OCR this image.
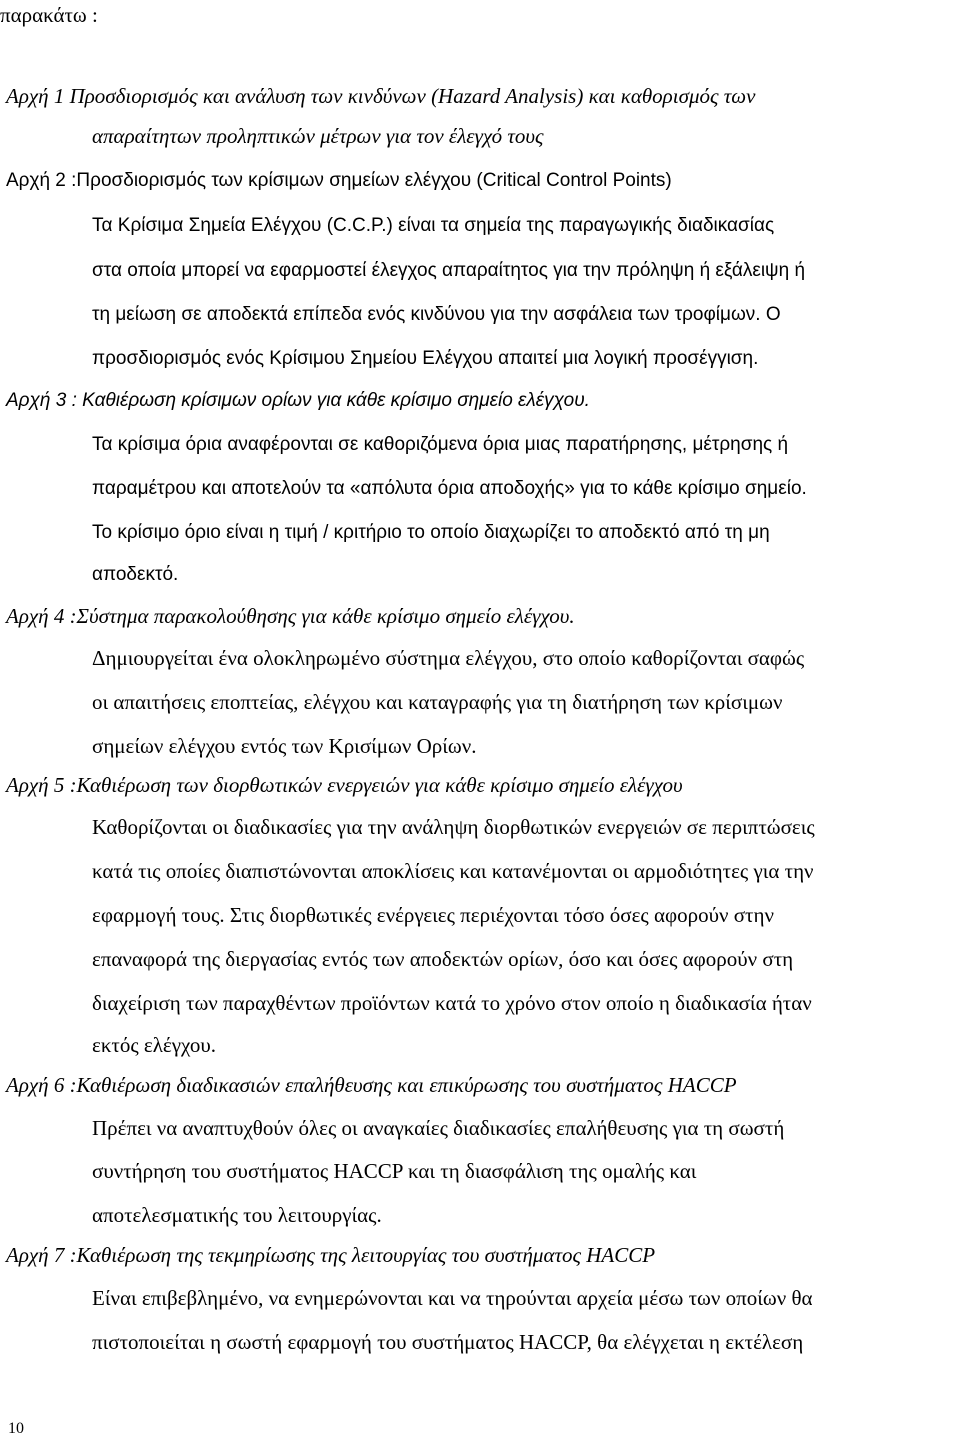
παρακάτω :
Αρχή 1 Προσδιορισμός και ανάλυση των κινδύνων (Hazard Analysis) και καθορισμός των
απαραίτητων προληπτικών μέτρων για τον έλεγχό τους
Αρχή 2 :Προσδιορισμός των κρίσιμων σημείων ελέγχου (Critical Control Points)
Τα Κρίσιμα Σημεία Ελέγχου (C.C.P.) είναι τα σημεία της παραγωγικής διαδικασίας
στα οποία μπορεί να εφαρμοστεί έλεγχος απαραίτητος για την πρόληψη ή εξάλειψη ή
τη μείωση σε αποδεκτά επίπεδα ενός κινδύνου για την ασφάλεια των τροφίμων. Ο
προσδιορισμός ενός Κρίσιμου Σημείου Ελέγχου απαιτεί μια λογική προσέγγιση.
Αρχή 3 : Καθιέρωση κρίσιμων ορίων για κάθε κρίσιμο σημείο ελέγχου.
Τα κρίσιμα όρια αναφέρονται σε καθοριζόμενα όρια μιας παρατήρησης, μέτρησης ή
παραμέτρου και αποτελούν τα «απόλυτα όρια αποδοχής» για το κάθε κρίσιμο σημείο.
Το κρίσιμο όριο είναι η τιμή / κριτήριο το οποίο διαχωρίζει το αποδεκτό από τη μη
αποδεκτό.
Αρχή 4 :Σύστημα παρακολούθησης για κάθε κρίσιμο σημείο ελέγχου.
Δημιουργείται ένα ολοκληρωμένο σύστημα ελέγχου, στο οποίο καθορίζονται σαφώς
οι απαιτήσεις εποπτείας, ελέγχου και καταγραφής για τη διατήρηση των κρίσιμων
σημείων ελέγχου εντός των Κρισίμων Ορίων.
Αρχή 5 :Καθιέρωση των διορθωτικών ενεργειών για κάθε κρίσιμο σημείο ελέγχου
Καθορίζονται οι διαδικασίες για την ανάληψη διορθωτικών ενεργειών σε περιπτώσεις
κατά τις οποίες διαπιστώνονται αποκλίσεις και κατανέμονται οι αρμοδιότητες για την
εφαρμογή τους. Στις διορθωτικές ενέργειες περιέχονται τόσο όσες αφορούν στην
επαναφορά της διεργασίας εντός των αποδεκτών ορίων, όσο και όσες αφορούν στη
διαχείριση των παραχθέντων προϊόντων κατά το χρόνο στον οποίο η διαδικασία ήταν
εκτός ελέγχου.
Αρχή 6 :Καθιέρωση διαδικασιών επαλήθευσης και επικύρωσης του συστήματος HACCP
Πρέπει να αναπτυχθούν όλες οι αναγκαίες διαδικασίες επαλήθευσης για τη σωστή
συντήρηση του συστήματος HACCP και τη διασφάλιση της ομαλής και
αποτελεσματικής του λειτουργίας.
Αρχή 7 :Καθιέρωση της τεκμηρίωσης της λειτουργίας του συστήματος HACCP
Είναι επιβεβλημένο, να ενημερώνονται και να τηρούνται αρχεία μέσω των οποίων θα
πιστοποιείται η σωστή εφαρμογή του συστήματος HACCP, θα ελέγχεται η εκτέλεση
10
